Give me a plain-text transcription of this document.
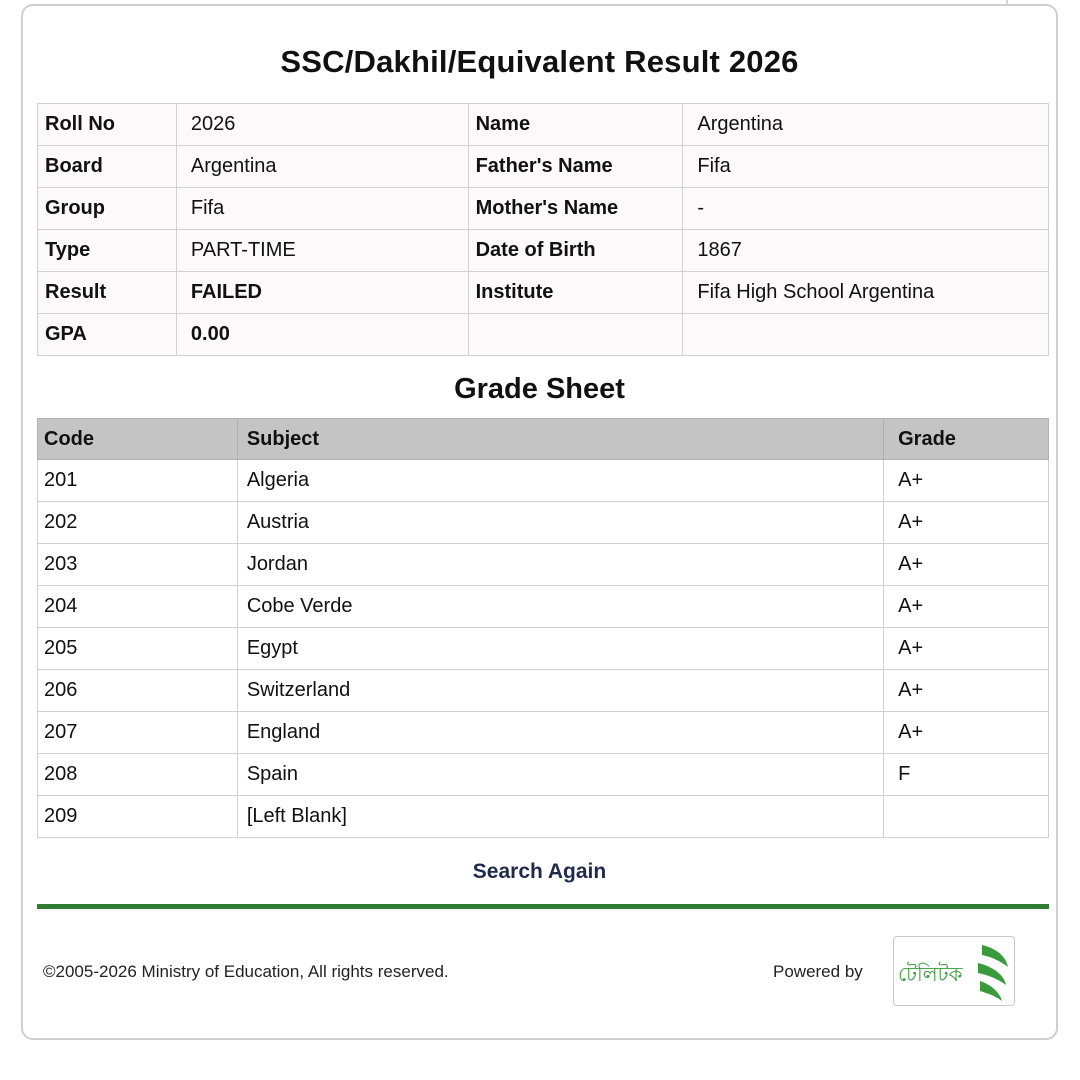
SSC/Dakhil/Equivalent Result 2026
Roll No	2026	Name	Argentina
Board	Argentina	Father's Name	Fifa
Group	Fifa	Mother's Name	-
Type	PART-TIME	Date of Birth	1867
Result	FAILED	Institute	Fifa High School Argentina
GPA	0.00		
Grade Sheet
Code	Subject	Grade
201	Algeria	A+
202	Austria	A+
203	Jordan	A+
204	Cobe Verde	A+
205	Egypt	A+
206	Switzerland	A+
207	England	A+
208	Spain	F
209	[Left Blank]	
Search Again
©2005-2026 Ministry of Education, All rights reserved.	Powered by টেলিটক
